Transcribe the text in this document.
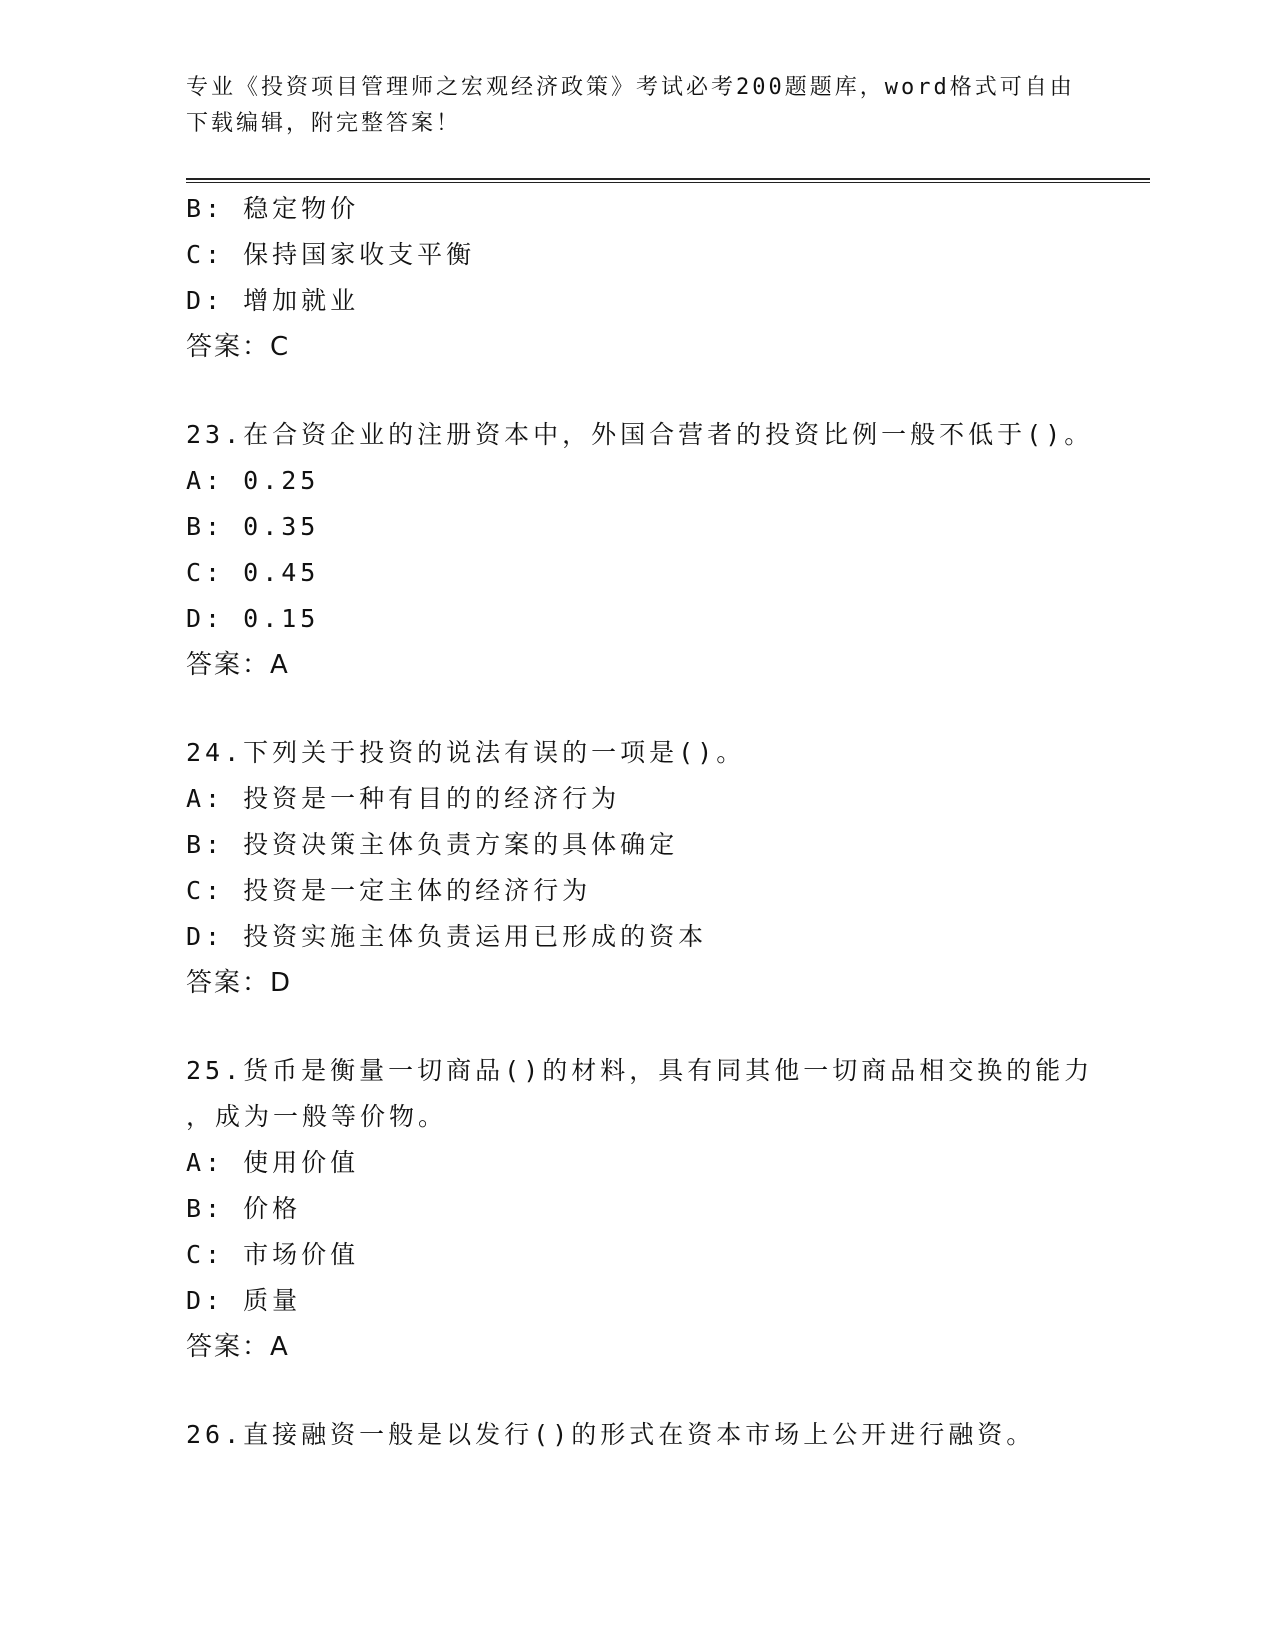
专业《投资项目管理师之宏观经济政策》考试必考200题题库，word格式可自由下载编辑，附完整答案！
B: 稳定物价
C: 保持国家收支平衡
D: 增加就业
答案：C
23.在合资企业的注册资本中，外国合营者的投资比例一般不低于()。
A: 0.25
B: 0.35
C: 0.45
D: 0.15
答案：A
24.下列关于投资的说法有误的一项是()。
A: 投资是一种有目的的经济行为
B: 投资决策主体负责方案的具体确定
C: 投资是一定主体的经济行为
D: 投资实施主体负责运用已形成的资本
答案：D
25.货币是衡量一切商品()的材料，具有同其他一切商品相交换的能力
，成为一般等价物。
A: 使用价值
B: 价格
C: 市场价值
D: 质量
答案：A
26.直接融资一般是以发行()的形式在资本市场上公开进行融资。
